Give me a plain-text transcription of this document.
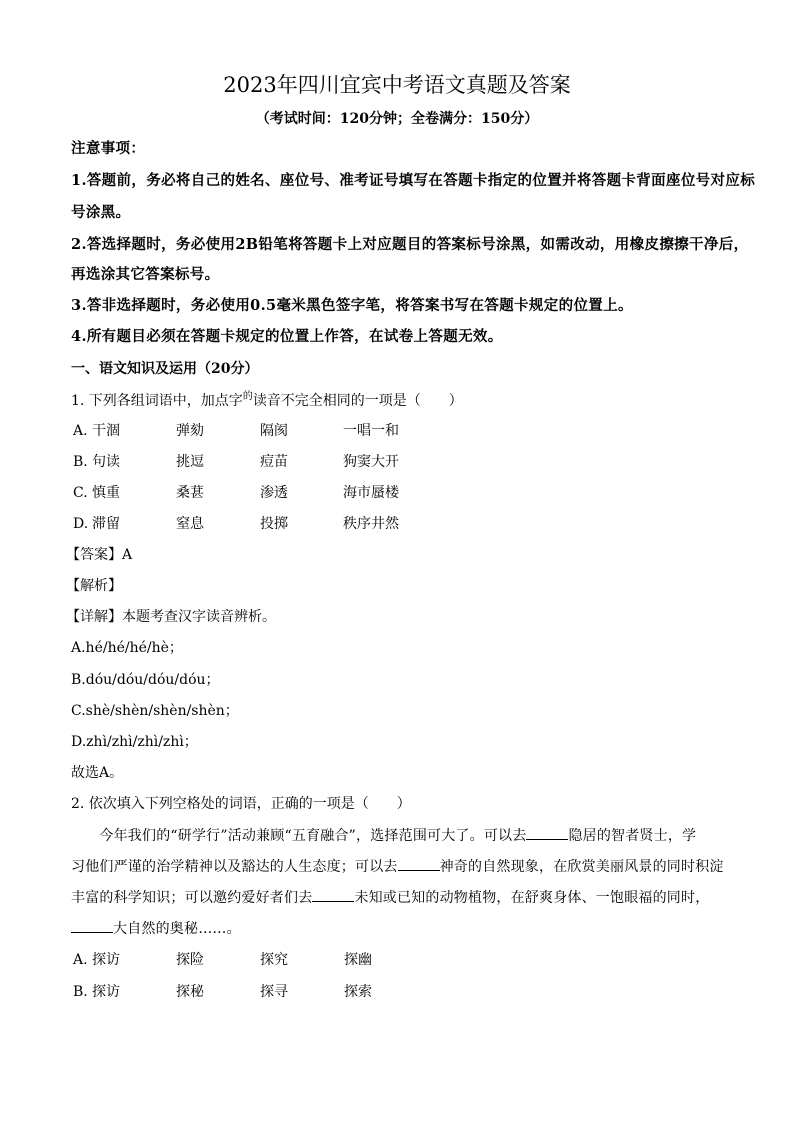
2023年四川宜宾中考语文真题及答案
（考试时间：120分钟；全卷满分：150分）
注意事项：
1.答题前，务必将自己的姓名、座位号、准考证号填写在答题卡指定的位置并将答题卡背面座位号对应标
号涂黑。
2.答选择题时，务必使用2B铅笔将答题卡上对应题目的答案标号涂黑，如需改动，用橡皮擦擦干净后，
再选涂其它答案标号。
3.答非选择题时，务必使用0.5毫米黑色签字笔，将答案书写在答题卡规定的位置上。
4.所有题目必须在答题卡规定的位置上作答，在试卷上答题无效。
一、语文知识及运用（20分）
1. 下列各组词语中，加点字$^的$读音不完全相同的一项是（　　）
A. 干涸	弹劾	隔阂	一唱一和
B. 句读	挑逗	痘苗	狗窦大开
C. 慎重	桑葚	渗透	海市蜃楼
D. 滞留	窒息	投掷	秩序井然
【答案】A
【解析】
【详解】本题考查汉字读音辨析。
A.hé/hé/hé/hè；
B.dóu/dóu/dóu/dóu；
C.shè/shèn/shèn/shèn；
D.zhì/zhì/zhì/zhì；
故选A。
2. 依次填入下列空格处的词语，正确的一项是（　　）
　　今年我们的“研学行”活动兼顾“五育融合”，选择范围可大了。可以去	隐居的智者贤士，学
习他们严谨的治学精神以及豁达的人生态度；可以去	神奇的自然现象，在欣赏美丽风景的同时积淀
丰富的科学知识；可以邀约爱好者们去	未知或已知的动物植物，在舒爽身体、一饱眼福的同时，
大自然的奥秘……。
A. 探访	探险	探究	探幽
B. 探访	探秘	探寻	探索
